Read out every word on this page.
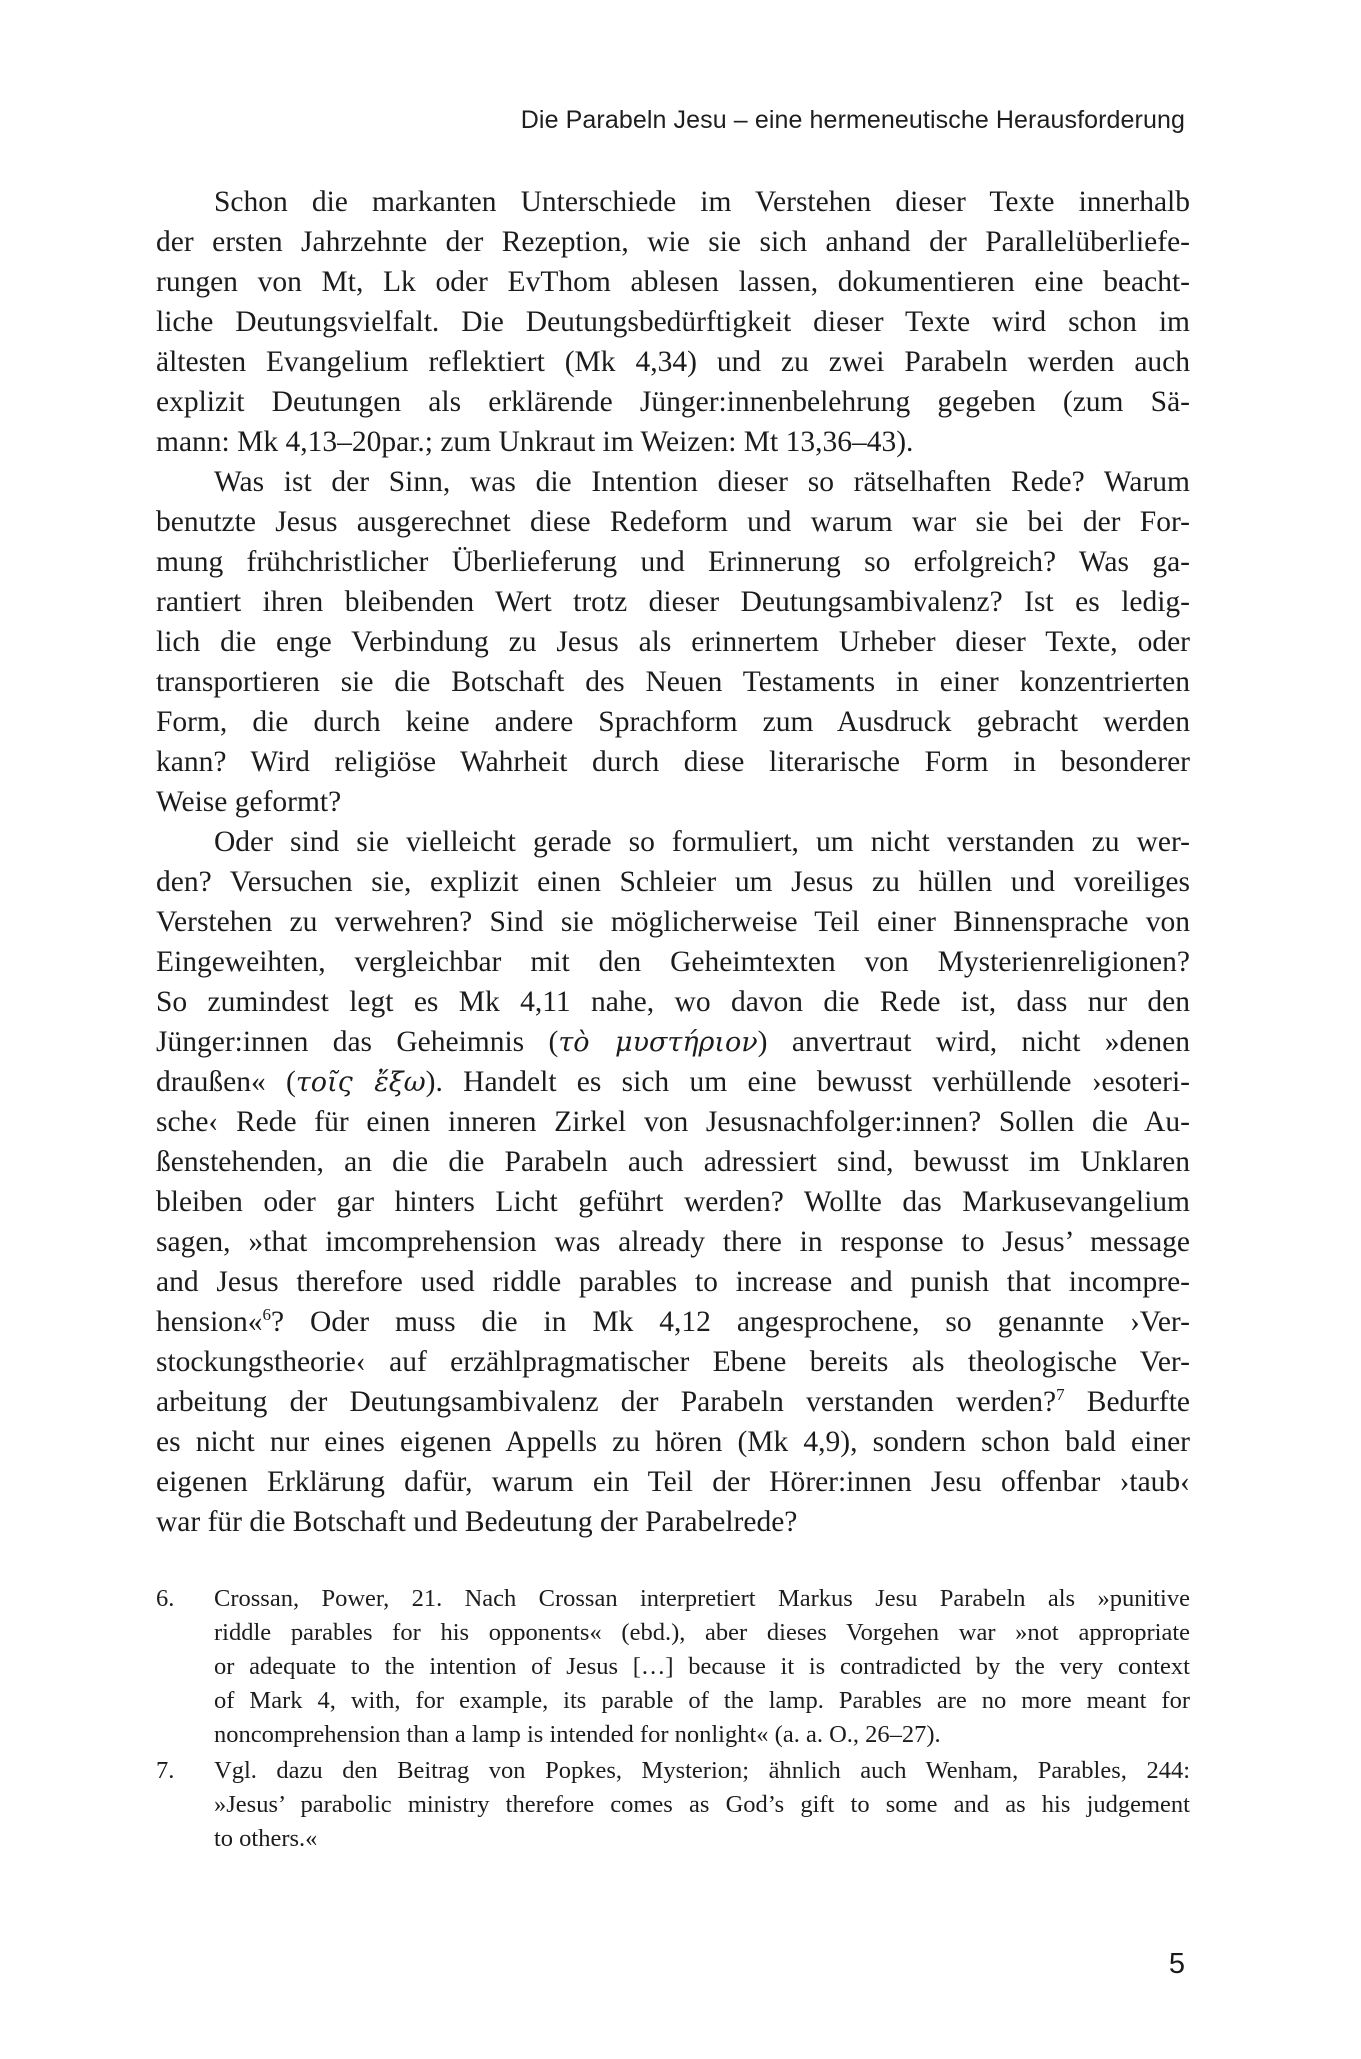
Die Parabeln Jesu – eine hermeneutische Herausforderung
Schon die markanten Unterschiede im Verstehen dieser Texte innerhalb
der ersten Jahrzehnte der Rezeption, wie sie sich anhand der Parallelüberliefe-
rungen von Mt, Lk oder EvThom ablesen lassen, dokumentieren eine beacht-
liche Deutungsvielfalt. Die Deutungsbedürftigkeit dieser Texte wird schon im
ältesten Evangelium reflektiert (Mk 4,34) und zu zwei Parabeln werden auch
explizit Deutungen als erklärende Jünger:innenbelehrung gegeben (zum Sä-
mann: Mk 4,13–20par.; zum Unkraut im Weizen: Mt 13,36–43).
Was ist der Sinn, was die Intention dieser so rätselhaften Rede? Warum
benutzte Jesus ausgerechnet diese Redeform und warum war sie bei der For-
mung frühchristlicher Überlieferung und Erinnerung so erfolgreich? Was ga-
rantiert ihren bleibenden Wert trotz dieser Deutungsambivalenz? Ist es ledig-
lich die enge Verbindung zu Jesus als erinnertem Urheber dieser Texte, oder
transportieren sie die Botschaft des Neuen Testaments in einer konzentrierten
Form, die durch keine andere Sprachform zum Ausdruck gebracht werden
kann? Wird religiöse Wahrheit durch diese literarische Form in besonderer
Weise geformt?
Oder sind sie vielleicht gerade so formuliert, um nicht verstanden zu wer-
den? Versuchen sie, explizit einen Schleier um Jesus zu hüllen und voreiliges
Verstehen zu verwehren? Sind sie möglicherweise Teil einer Binnensprache von
Eingeweihten, vergleichbar mit den Geheimtexten von Mysterienreligionen?
So zumindest legt es Mk 4,11 nahe, wo davon die Rede ist, dass nur den
Jünger:innen das Geheimnis (τὸ μυστήριον) anvertraut wird, nicht »denen
draußen« (τοῖς ἔξω). Handelt es sich um eine bewusst verhüllende ›esoteri-
sche‹ Rede für einen inneren Zirkel von Jesusnachfolger:innen? Sollen die Au-
ßenstehenden, an die die Parabeln auch adressiert sind, bewusst im Unklaren
bleiben oder gar hinters Licht geführt werden? Wollte das Markusevangelium
sagen, »that imcomprehension was already there in response to Jesus’ message
and Jesus therefore used riddle parables to increase and punish that incompre-
hension«$^6$? Oder muss die in Mk 4,12 angesprochene, so genannte ›Ver-
stockungstheorie‹ auf erzählpragmatischer Ebene bereits als theologische Ver-
arbeitung der Deutungsambivalenz der Parabeln verstanden werden?$^7$ Bedurfte
es nicht nur eines eigenen Appells zu hören (Mk 4,9), sondern schon bald einer
eigenen Erklärung dafür, warum ein Teil der Hörer:innen Jesu offenbar ›taub‹
war für die Botschaft und Bedeutung der Parabelrede?
6. Crossan, Power, 21. Nach Crossan interpretiert Markus Jesu Parabeln als »punitive
riddle parables for his opponents« (ebd.), aber dieses Vorgehen war »not appropriate
or adequate to the intention of Jesus […] because it is contradicted by the very context
of Mark 4, with, for example, its parable of the lamp. Parables are no more meant for
noncomprehension than a lamp is intended for nonlight« (a. a. O., 26–27).
7. Vgl. dazu den Beitrag von Popkes, Mysterion; ähnlich auch Wenham, Parables, 244:
»Jesus’ parabolic ministry therefore comes as God’s gift to some and as his judgement
to others.«
5
